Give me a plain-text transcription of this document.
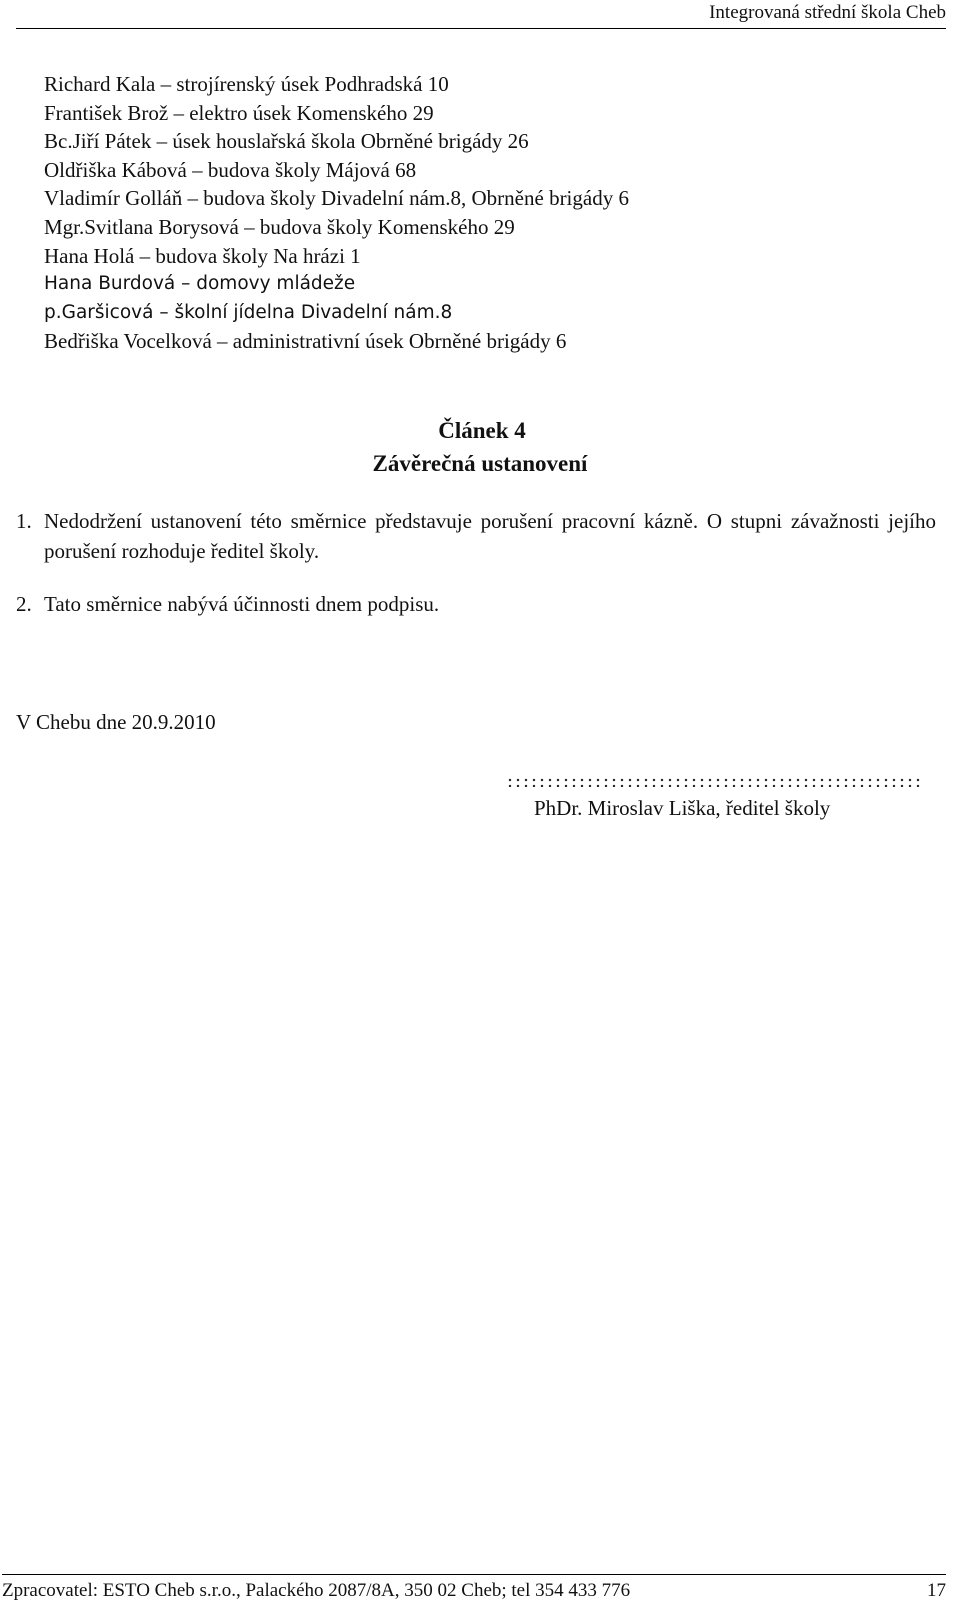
Integrovaná střední škola Cheb
Richard Kala – strojírenský úsek Podhradská 10
František Brož – elektro úsek Komenského 29
Bc.Jiří Pátek – úsek houslařská škola Obrněné brigády 26
Oldřiška Kábová – budova školy Májová 68
Vladimír Golláň – budova školy Divadelní nám.8, Obrněné brigády 6
Mgr.Svitlana Borysová – budova školy Komenského 29
Hana Holá – budova školy Na hrázi 1
Hana Burdová – domovy mládeže
p.Garšicová – školní jídelna Divadelní nám.8
Bedřiška Vocelková – administrativní úsek Obrněné brigády 6
Článek 4
Závěrečná ustanovení
1. Nedodržení ustanovení této směrnice představuje porušení pracovní kázně. O stupni závažnosti jejího porušení rozhoduje ředitel školy.
2. Tato směrnice nabývá účinnosti dnem podpisu.
V Chebu dne 20.9.2010
PhDr. Miroslav Liška, ředitel školy
Zpracovatel: ESTO Cheb s.r.o., Palackého 2087/8A, 350 02 Cheb; tel 354 433 776	17
